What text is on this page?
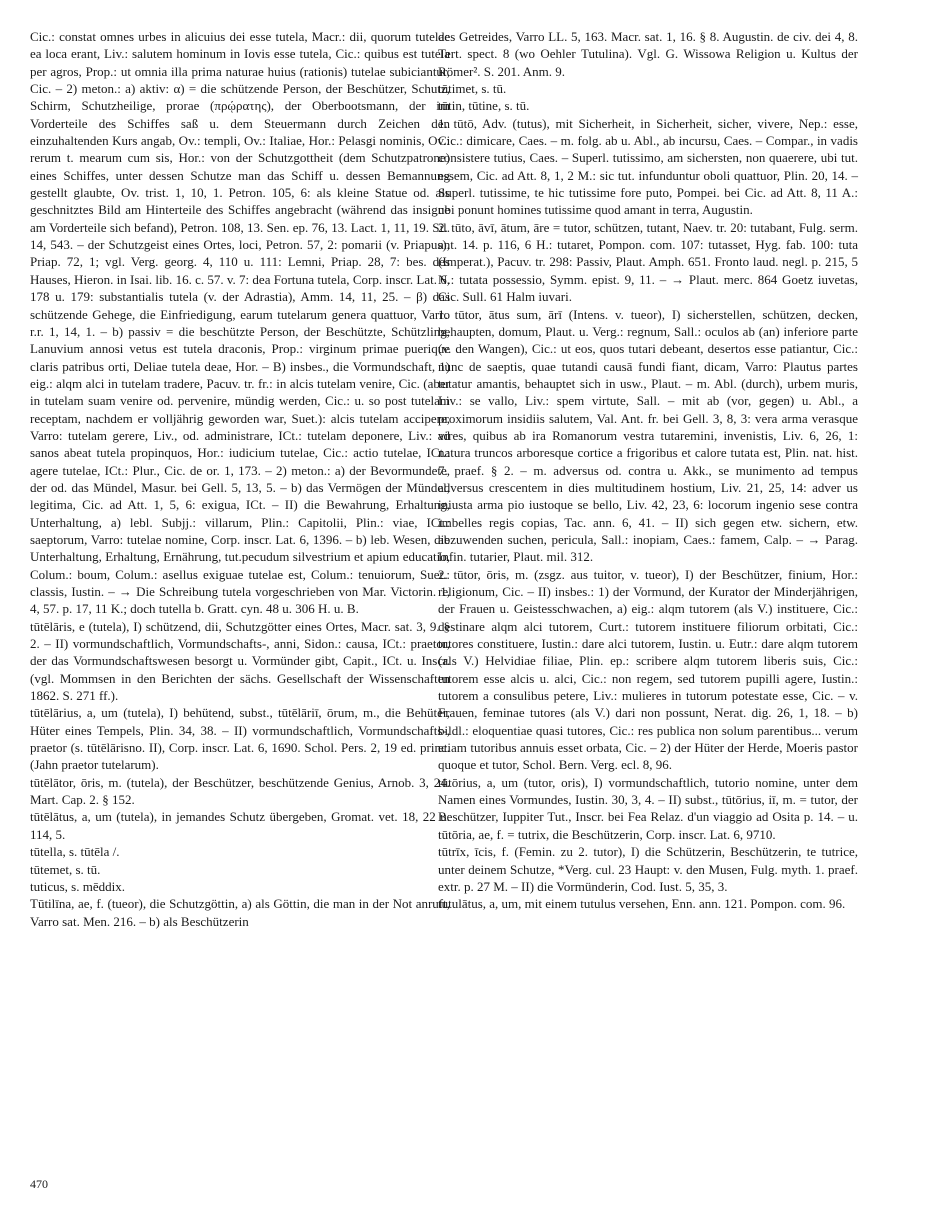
Cic.: constat omnes urbes in alicuius dei esse tutela, Macr.: dii, quorum tutelae ea loca erant, Liv.: salutem hominum in Iovis esse tutela, Cic.: quibus est tutela per agros, Prop.: ut omnia illa prima naturae huius (rationis) tutelae subiciantur, Cic. – 2) meton.: a) aktiv: α) = die schützende Person, der Beschützer, Schutz, Schirm, Schutzheilige, prorae (πρῴρατης), der Oberbootsmann, der im Vorderteile des Schiffes saß u. dem Steuermann durch Zeichen den einzuhaltenden Kurs angab, Ov.: templi, Ov.: Italiae, Hor.: Pelasgi nominis, Ov.: rerum t. mearum cum sis, Hor.: von der Schutzgottheit (dem Schutzpatrone) eines Schiffes, unter dessen Schutze man das Schiff u. dessen Bemannung gestellt glaubte, Ov. trist. 1, 10, 1. Petron. 105, 6: als kleine Statue od. als geschnitztes Bild am Hinterteile des Schiffes angebracht (während das insigne am Vorderteile sich befand), Petron. 108, 13. Sen. ep. 76, 13. Lact. 1, 11, 19. Sil. 14, 543. – der Schutzgeist eines Ortes, loci, Petron. 57, 2: pomarii (v. Priapus), Priap. 72, 1; vgl. Verg. georg. 4, 110 u. 111: Lemni, Priap. 28, 7: bes. des Hauses, Hieron. in Isai. lib. 16. c. 57. v. 7: dea Fortuna tutela, Corp. inscr. Lat. 6, 178 u. 179: substantialis tutela (v. der Adrastia), Amm. 14, 11, 25. – β) das schützende Gehege, die Einfriedigung, earum tutelarum genera quattuor, Varro r.r. 1, 14, 1. – b) passiv = die beschützte Person, der Beschützte, Schützling, Lanuvium annosi vetus est tutela draconis, Prop.: virginum primae puerique claris patribus orti, Deliae tutela deae, Hor. – B) insbes., die Vormundschaft, 1) eig.: alqm alci in tutelam tradere, Pacuv. tr. fr.: in alcis tutelam venire, Cic. (aber in tutelam suam venire od. pervenire, mündig werden, Cic.: u. so post tutelam receptam, nachdem er volljährig geworden war, Suet.): alcis tutelam accipere, Varro: tutelam gerere, Liv., od. administrare, ICt.: tutelam deponere, Liv.: ad sanos abeat tutela propinquos, Hor.: iudicium tutelae, Cic.: actio tutelae, ICt.: agere tutelae, ICt.: Plur., Cic. de or. 1, 173. – 2) meton.: a) der Bevormundete, der od. das Mündel, Masur. bei Gell. 5, 13, 5. – b) das Vermögen der Mündel, legitima, Cic. ad Att. 1, 5, 6: exigua, ICt. – II) die Bewahrung, Erhaltung, Unterhaltung, a) lebl. Subjj.: villarum, Plin.: Capitolii, Plin.: viae, ICt.: saeptorum, Varro: tutelae nomine, Corp. inscr. Lat. 6, 1396. – b) leb. Wesen, die Unterhaltung, Erhaltung, Ernährung, tut.pecudum silvestrium et apium educatio, Colum.: boum, Colum.: asellus exiguae tutelae est, Colum.: tenuiorum, Suet.: classis, Iustin. – → Die Schreibung tutela vorgeschrieben von Mar. Victorin. 1, 4, 57. p. 17, 11 K.; doch tutella b. Gratt. cyn. 48 u. 306 H. u. B.

tūtēlāris, e (tutela), I) schützend, dii, Schutzgötter eines Ortes, Macr. sat. 3, 9. § 2. – II) vormundschaftlich, Vormundschafts-, anni, Sidon.: causa, ICt.: praetor, der das Vormundschaftswesen besorgt u. Vormünder gibt, Capit., ICt. u. Inscr. (vgl. Mommsen in den Berichten der sächs. Gesellschaft der Wissenschaften 1862. S. 271 ff.).

tūtēlārius, a, um (tutela), I) behütend, subst., tūtēlāriī, ōrum, m., die Behüter, Hüter eines Tempels, Plin. 34, 38. – II) vormundschaftlich, Vormundschafts-, praetor (s. tūtēlārisno. II), Corp. inscr. Lat. 6, 1690. Schol. Pers. 2, 19 ed. princ. (Jahn praetor tutelarum).

tūtēlātor, ōris, m. (tutela), der Beschützer, beschützende Genius, Arnob. 3, 24. Mart. Cap. 2. § 152.

tūtēlātus, a, um (tutela), in jemandes Schutz übergeben, Gromat. vet. 18, 22 u. 114, 5.

tūtella, s. tūtēla /.

tūtemet, s. tū.

tuticus, s. mēddix.

Tūtilīna, ae, f. (tueor), die Schutzgöttin, a) als Göttin, die man in der Not anruft, Varro sat. Men. 216. – b) als Beschützerin

des Getreides, Varro LL. 5, 163. Macr. sat. 1, 16. § 8. Augustin. de civ. dei 4, 8. Tert. spect. 8 (wo Oehler Tutulina). Vgl. G. Wissowa Religion u. Kultus der Römer². S. 201. Anm. 9.

tūtimet, s. tū.

tūtin, tūtine, s. tū.

1. tūtō, Adv. (tutus), mit Sicherheit, in Sicherheit, sicher, vivere, Nep.: esse, Cic.: dimicare, Caes. – m. folg. ab u. Abl., ab incursu, Caes. – Compar., in vadis consistere tutius, Caes. – Superl. tutissimo, am sichersten, non quaerere, ubi tut. essem, Cic. ad Att. 8, 1, 2 M.: sic tut. infunduntur oboli quattuor, Plin. 20, 14. – Superl. tutissime, te hic tutissime fore puto, Pompei. bei Cic. ad Att. 8, 11 A.: ubi ponunt homines tutissime quod amant in terra, Augustin.

2. tūto, āvī, ātum, āre = tutor, schützen, tutant, Naev. tr. 20: tutabant, Fulg. serm. ant. 14. p. 116, 6 H.: tutaret, Pompon. com. 107: tutasset, Hyg. fab. 100: tuta (Imperat.), Pacuv. tr. 298: Passiv, Plaut. Amph. 651. Fronto laud. negl. p. 215, 5 N.: tutata possessio, Symm. epist. 9, 11. – → Plaut. merc. 864 Goetz iuvetas, Cic. Sull. 61 Halm iuvari.

1. tūtor, ātus sum, ārī (Intens. v. tueor), I) sicherstellen, schützen, decken, behaupten, domum, Plaut. u. Verg.: regnum, Sall.: oculos ab (an) inferiore parte (v. den Wangen), Cic.: ut eos, quos tutari debeant, desertos esse patiantur, Cic.: nunc de saeptis, quae tutandi causā fundi fiant, dicam, Varro: Plautus partes tutatur amantis, behauptet sich in usw., Plaut. – m. Abl. (durch), urbem muris, Liv.: se vallo, Liv.: spem virtute, Sall. – mit ab (vor, gegen) u. Abl., a proximorum insidiis salutem, Val. Ant. fr. bei Gell. 3, 8, 3: vera arma verasque vires, quibus ab ira Romanorum vestra tutaremini, invenistis, Liv. 6, 26, 1: natura truncos arboresque cortice a frigoribus et calore tutata est, Plin. nat. hist. 7. praef. § 2. – m. adversus od. contra u. Akk., se munimento ad tempus adversus crescentem in dies multitudinem hostium, Liv. 21, 25, 14: adver us iniusta arma pio iustoque se bello, Liv. 42, 23, 6: locorum ingenio sese contra imbelles regis copias, Tac. ann. 6, 41. – II) sich gegen etw. sichern, etw. abzuwenden suchen, pericula, Sall.: inopiam, Caes.: famem, Calp. – → Parag. Infin. tutarier, Plaut. mil. 312.

2. tūtor, ōris, m. (zsgz. aus tuitor, v. tueor), I) der Beschützer, finium, Hor.: religionum, Cic. – II) insbes.: 1) der Vormund, der Kurator der Minderjährigen, der Frauen u. Geistesschwachen, a) eig.: alqm tutorem (als V.) instituere, Cic.: destinare alqm alci tutorem, Curt.: tutorem instituere filiorum orbitati, Cic.: tutores constituere, Iustin.: dare alci tutorem, Iustin. u. Eutr.: dare alqm tutorem (als V.) Helvidiae filiae, Plin. ep.: scribere alqm tutorem liberis suis, Cic.: tutorem esse alcis u. alci, Cic.: non regem, sed tutorem pupilli agere, Iustin.: tutorem a consulibus petere, Liv.: mulieres in tutorum potestate esse, Cic. – v. Frauen, feminae tutores (als V.) dari non possunt, Nerat. dig. 26, 1, 18. – b) bildl.: eloquentiae quasi tutores, Cic.: res publica non solum parentibus... verum etiam tutoribus annuis esset orbata, Cic. – 2) der Hüter der Herde, Moeris pastor quoque et tutor, Schol. Bern. Verg. ecl. 8, 96.

tūtōrius, a, um (tutor, oris), I) vormundschaftlich, tutorio nomine, unter dem Namen eines Vormundes, Iustin. 30, 3, 4. – II) subst., tūtōrius, iī, m. = tutor, der Beschützer, Iuppiter Tut., Inscr. bei Fea Relaz. d'un viaggio ad Osita p. 14. – u. tūtōria, ae, f. = tutrix, die Beschützerin, Corp. inscr. Lat. 6, 9710.

tūtrīx, īcis, f. (Femin. zu 2. tutor), I) die Schützerin, Beschützerin, te tutrice, unter deinem Schutze, *Verg. cul. 23 Haupt: v. den Musen, Fulg. myth. 1. praef. extr. p. 27 M. – II) die Vormünderin, Cod. Iust. 5, 35, 3.

tutulātus, a, um, mit einem tutulus versehen, Enn. ann. 121. Pompon. com. 96.

470
